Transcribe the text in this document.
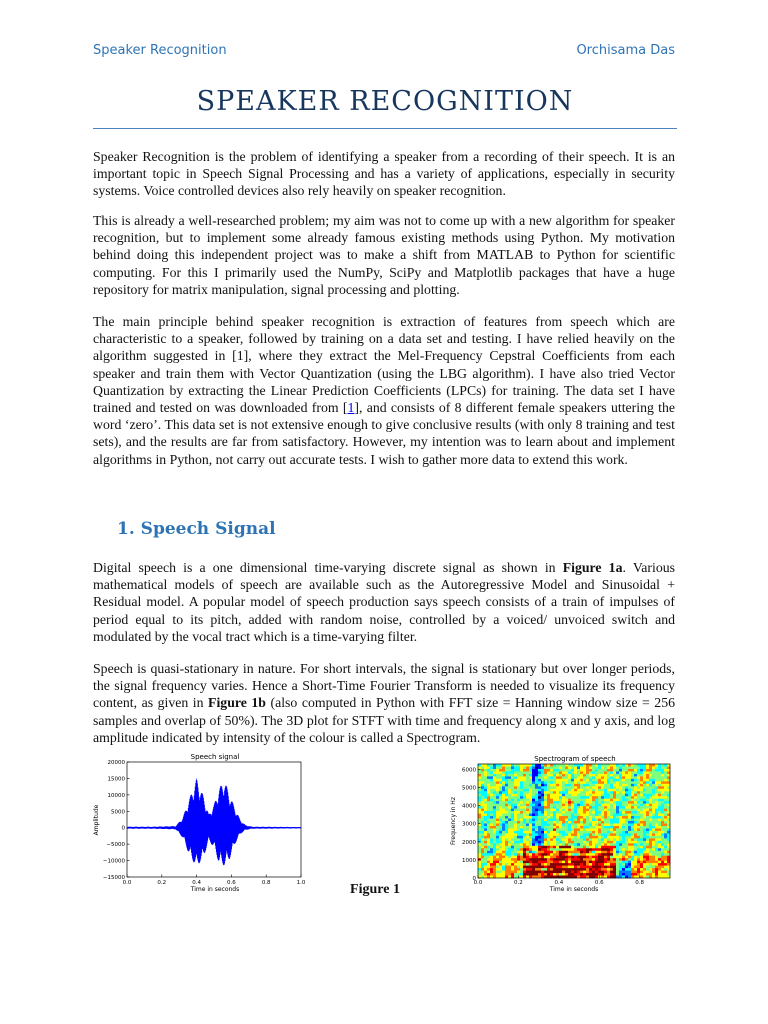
Speaker Recognition	Orchisama Das
SPEAKER RECOGNITION

Speaker Recognition is the problem of identifying a speaker from a recording of their speech. It is an important topic in Speech Signal Processing and has a variety of applications, especially in security systems. Voice controlled devices also rely heavily on speaker recognition.

This is already a well-researched problem; my aim was not to come up with a new algorithm for speaker recognition, but to implement some already famous existing methods using Python. My motivation behind doing this independent project was to make a shift from MATLAB to Python for scientific computing. For this I primarily used the NumPy, SciPy and Matplotlib packages that have a huge repository for matrix manipulation, signal processing and plotting.

The main principle behind speaker recognition is extraction of features from speech which are characteristic to a speaker, followed by training on a data set and testing. I have relied heavily on the algorithm suggested in [1], where they extract the Mel-Frequency Cepstral Coefficients from each speaker and train them with Vector Quantization (using the LBG algorithm). I have also tried Vector Quantization by extracting the Linear Prediction Coefficients (LPCs) for training. The data set I have trained and tested on was downloaded from [1], and consists of 8 different female speakers uttering the word ‘zero’. This data set is not extensive enough to give conclusive results (with only 8 training and test sets), and the results are far from satisfactory. However, my intention was to learn about and implement algorithms in Python, not carry out accurate tests. I wish to gather more data to extend this work.

1. Speech Signal

Digital speech is a one dimensional time-varying discrete signal as shown in Figure 1a. Various mathematical models of speech are available such as the Autoregressive Model and Sinusoidal + Residual model. A popular model of speech production says speech consists of a train of impulses of period equal to its pitch, added with random noise, controlled by a voiced/ unvoiced switch and modulated by the vocal tract which is a time-varying filter.

Speech is quasi-stationary in nature. For short intervals, the signal is stationary but over longer periods, the signal frequency varies. Hence a Short-Time Fourier Transform is needed to visualize its frequency content, as given in Figure 1b (also computed in Python with FFT size = Hanning window size = 256 samples and overlap of 50%). The 3D plot for STFT with time and frequency along x and y axis, and log amplitude indicated by intensity of the colour is called a Spectrogram.

Speech signal
20000
15000
10000
5000
0
−5000
−10000
−15000
0.0	0.2	0.4	0.6	0.8	1.0
Time in seconds
Amplitude
Spectrogram of speech
6000
5000
4000
3000
2000
1000
0
0.0	0.2	0.4	0.6	0.8
Time in seconds
Frequency in Hz
Figure 1
